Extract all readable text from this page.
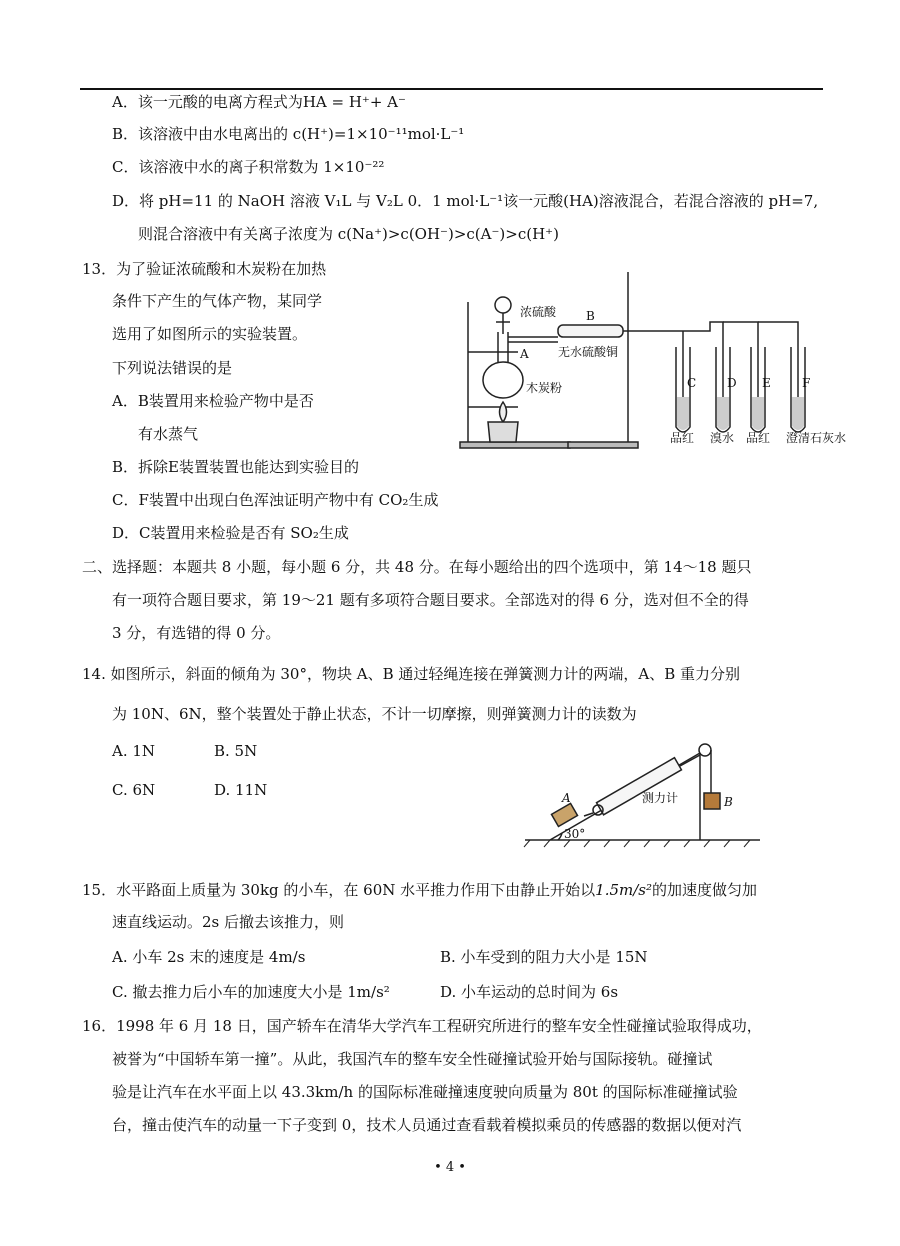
A．该一元酸的电离方程式为HA = H⁺+ A⁻
B．该溶液中由水电离出的 c(H⁺)=1×10⁻¹¹mol·L⁻¹
C．该溶液中水的离子积常数为 1×10⁻²²
D．将 pH=11 的 NaOH 溶液 V₁L 与 V₂L 0．1 mol·L⁻¹该一元酸(HA)溶液混合，若混合溶液的 pH=7,
则混合溶液中有关离子浓度为 c(Na⁺)>c(OH⁻)>c(A⁻)>c(H⁺)
13．为了验证浓硫酸和木炭粉在加热
条件下产生的气体产物，某同学
选用了如图所示的实验装置。
下列说法错误的是
A．B装置用来检验产物中是否
有水蒸气
B．拆除E装置装置也能达到实验目的
C．F装置中出现白色浑浊证明产物中有 CO₂生成
D．C装置用来检验是否有 SO₂生成
浓硫酸 B
无水硫酸铜
A
木炭粉	C	D E	F
品红 溴水 品红 澄清石灰水
二、选择题：本题共 8 小题，每小题 6 分，共 48 分。在每小题给出的四个选项中，第 14～18 题只
有一项符合题目要求，第 19～21 题有多项符合题目要求。全部选对的得 6 分，选对但不全的得
3 分，有选错的得 0 分。
14. 如图所示，斜面的倾角为 30°，物块 A、B 通过轻绳连接在弹簧测力计的两端，A、B 重力分别
为 10N、6N，整个装置处于静止状态，不计一切摩擦，则弹簧测力计的读数为
A. 1N	B. 5N
C. 6N	D. 11N	A	B
测力计
30°
15．水平路面上质量为 30kg 的小车，在 60N 水平推力作用下由静止开始以1.5m/s²的加速度做匀加
速直线运动。2s 后撤去该推力，则
A. 小车 2s 末的速度是 4m/s	B. 小车受到的阻力大小是 15N
C. 撤去推力后小车的加速度大小是 1m/s²	D. 小车运动的总时间为 6s
16．1998 年 6 月 18 日，国产轿车在清华大学汽车工程研究所进行的整车安全性碰撞试验取得成功，
被誉为“中国轿车第一撞”。从此，我国汽车的整车安全性碰撞试验开始与国际接轨。碰撞试
验是让汽车在水平面上以 43.3km/h 的国际标准碰撞速度驶向质量为 80t 的国际标准碰撞试验
台，撞击使汽车的动量一下子变到 0，技术人员通过查看载着模拟乘员的传感器的数据以便对汽
• 4 •
